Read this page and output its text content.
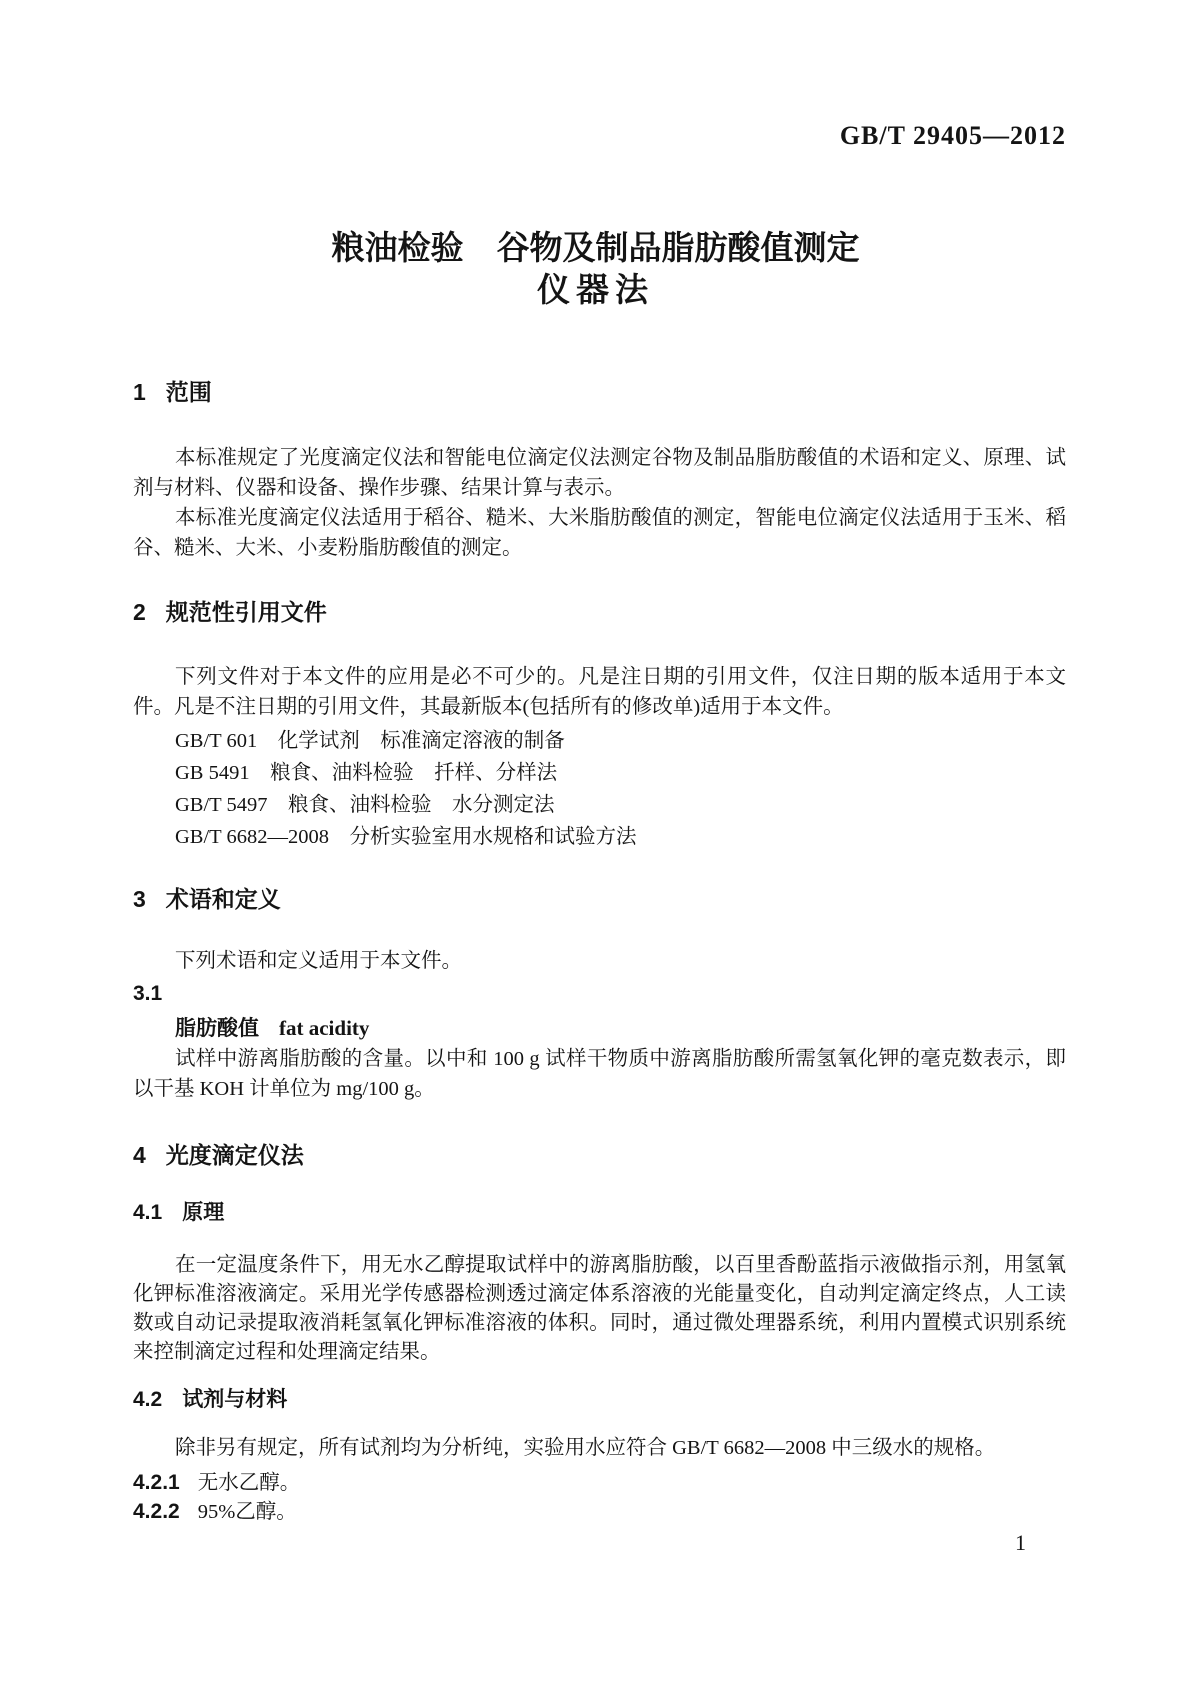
GB/T 29405—2012
粮油检验　谷物及制品脂肪酸值测定
仪器法
1 范围
本标准规定了光度滴定仪法和智能电位滴定仪法测定谷物及制品脂肪酸值的术语和定义、原理、试剂与材料、仪器和设备、操作步骤、结果计算与表示。
本标准光度滴定仪法适用于稻谷、糙米、大米脂肪酸值的测定，智能电位滴定仪法适用于玉米、稻谷、糙米、大米、小麦粉脂肪酸值的测定。
2 规范性引用文件
下列文件对于本文件的应用是必不可少的。凡是注日期的引用文件，仅注日期的版本适用于本文件。凡是不注日期的引用文件，其最新版本(包括所有的修改单)适用于本文件。
GB/T 601　化学试剂　标准滴定溶液的制备
GB 5491　粮食、油料检验　扦样、分样法
GB/T 5497　粮食、油料检验　水分测定法
GB/T 6682—2008　分析实验室用水规格和试验方法
3 术语和定义
下列术语和定义适用于本文件。
3.1
脂肪酸值 fat acidity
试样中游离脂肪酸的含量。以中和 100 g 试样干物质中游离脂肪酸所需氢氧化钾的毫克数表示，即以干基 KOH 计单位为 mg/100 g。
4 光度滴定仪法
4.1 原理
在一定温度条件下，用无水乙醇提取试样中的游离脂肪酸，以百里香酚蓝指示液做指示剂，用氢氧化钾标准溶液滴定。采用光学传感器检测透过滴定体系溶液的光能量变化，自动判定滴定终点，人工读数或自动记录提取液消耗氢氧化钾标准溶液的体积。同时，通过微处理器系统，利用内置模式识别系统来控制滴定过程和处理滴定结果。
4.2 试剂与材料
除非另有规定，所有试剂均为分析纯，实验用水应符合 GB/T 6682—2008 中三级水的规格。
4.2.1 无水乙醇。
4.2.2 95%乙醇。
1
